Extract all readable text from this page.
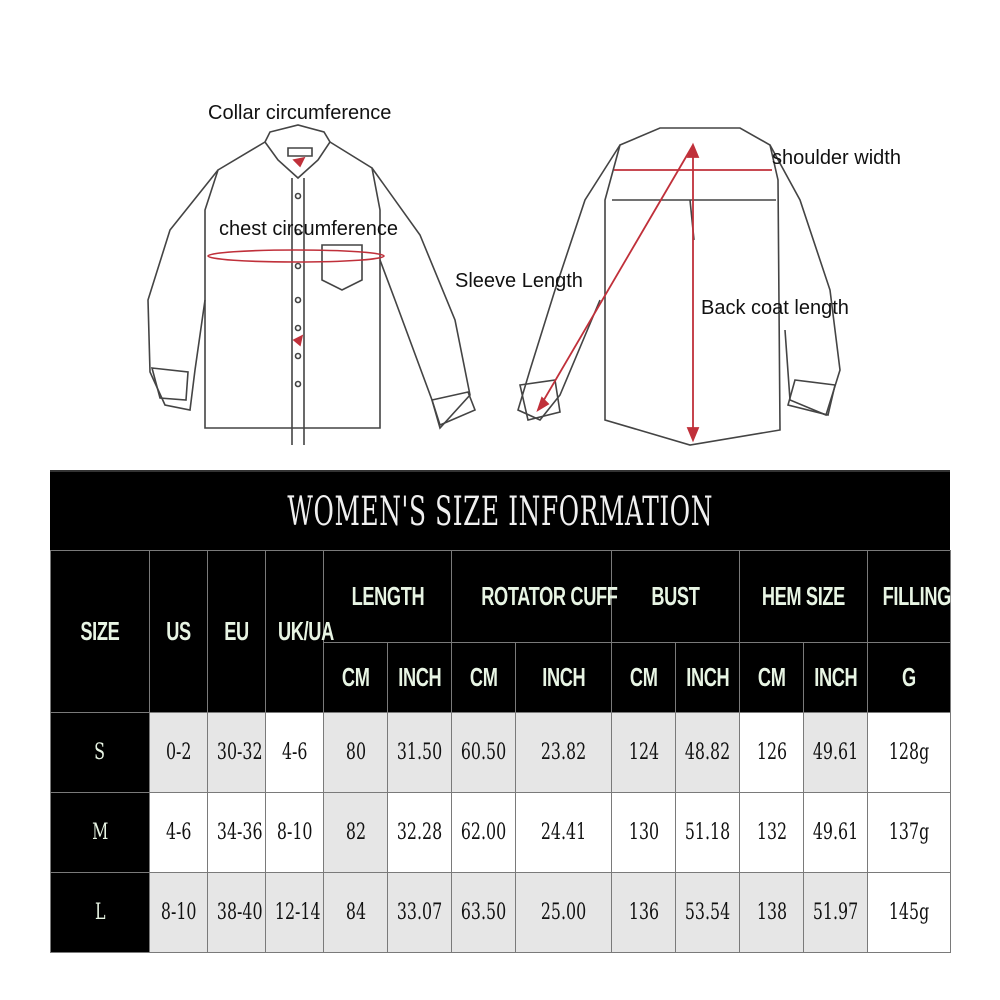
Collar circumference
chest circumference
Sleeve Length
shoulder width
Back coat length
WOMEN'S SIZE INFORMATION
SIZE	US	EU	UK/UA	LENGTH		ROTATOR CUFF		BUST		HEM SIZE		FILLING
				CM	INCH	CM	INCH	CM	INCH	CM	INCH	G
S	0-2	30-32	4-6	80	31.50	60.50	23.82	124	48.82	126	49.61	128g
M	4-6	34-36	8-10	82	32.28	62.00	24.41	130	51.18	132	49.61	137g
L	8-10	38-40	12-14	84	33.07	63.50	25.00	136	53.54	138	51.97	145g
